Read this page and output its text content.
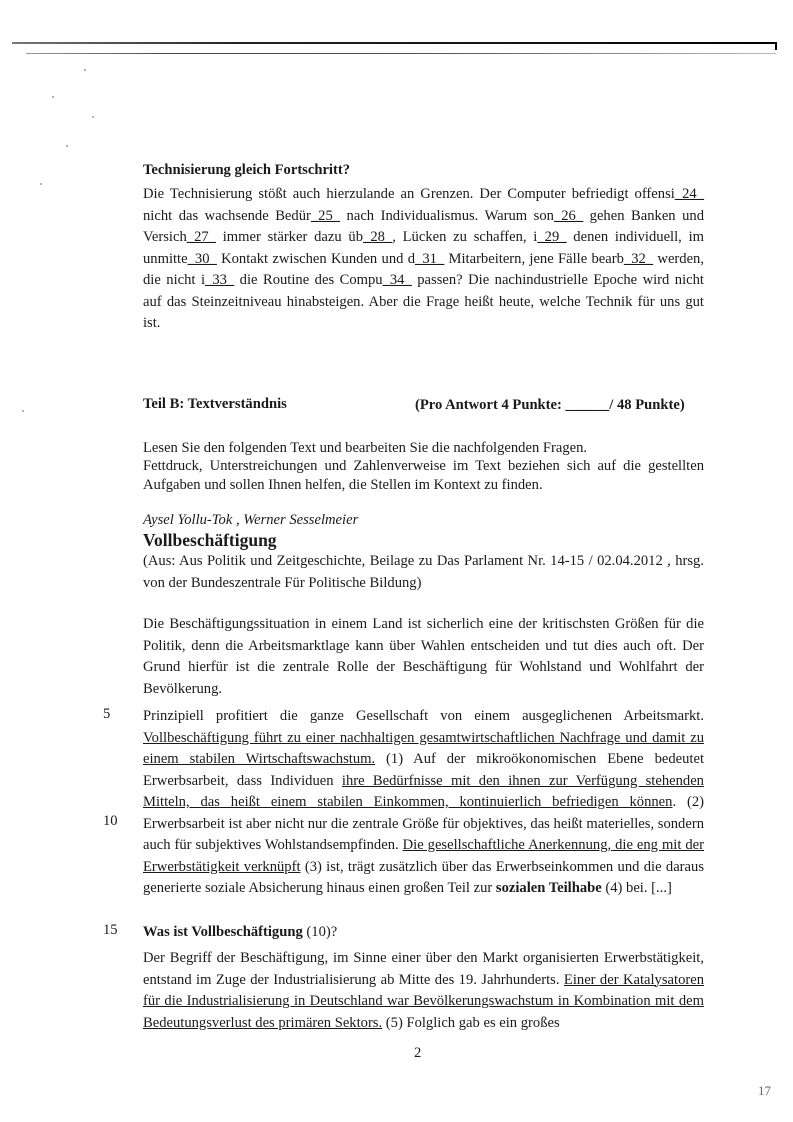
Technisierung gleich Fortschritt?
Die Technisierung stößt auch hierzulande an Grenzen. Der Computer befriedigt offensi_24_ nicht das wachsende Bedür_25_ nach Individualismus. Warum son_26_ gehen Banken und Versich_27_ immer stärker dazu üb_28_, Lücken zu schaffen, i_29_ denen individuell, im unmitte_30_ Kontakt zwischen Kunden und d_31_ Mitarbeitern, jene Fälle bearb_32_ werden, die nicht i_33_ die Routine des Compu_34_ passen? Die nachindustrielle Epoche wird nicht auf das Steinzeitniveau hinabsteigen. Aber die Frage heißt heute, welche Technik für uns gut ist.
Teil B: Textverständnis	(Pro Antwort 4 Punkte: ______/ 48 Punkte)
Lesen Sie den folgenden Text und bearbeiten Sie die nachfolgenden Fragen.
Fettdruck, Unterstreichungen und Zahlenverweise im Text beziehen sich auf die gestellten Aufgaben und sollen Ihnen helfen, die Stellen im Kontext zu finden.
Aysel Yollu-Tok , Werner Sesselmeier
Vollbeschäftigung
(Aus: Aus Politik und Zeitgeschichte, Beilage zu Das Parlament Nr. 14-15 / 02.04.2012 , hrsg. von der Bundeszentrale Für Politische Bildung)
Die Beschäftigungssituation in einem Land ist sicherlich eine der kritischsten Größen für die Politik, denn die Arbeitsmarktlage kann über Wahlen entscheiden und tut dies auch oft. Der Grund hierfür ist die zentrale Rolle der Beschäftigung für Wohlstand und Wohlfahrt der Bevölkerung.
5
10
15
Prinzipiell profitiert die ganze Gesellschaft von einem ausgeglichenen Arbeitsmarkt. Vollbeschäftigung führt zu einer nachhaltigen gesamtwirtschaftlichen Nachfrage und damit zu einem stabilen Wirtschaftswachstum. (1) Auf der mikroökonomischen Ebene bedeutet Erwerbsarbeit, dass Individuen ihre Bedürfnisse mit den ihnen zur Verfügung stehenden Mitteln, das heißt einem stabilen Einkommen, kontinuierlich befriedigen können. (2) Erwerbsarbeit ist aber nicht nur die zentrale Größe für objektives, das heißt materielles, sondern auch für subjektives Wohlstandsempfinden. Die gesellschaftliche Anerkennung, die eng mit der Erwerbstätigkeit verknüpft (3) ist, trägt zusätzlich über das Erwerbseinkommen und die daraus generierte soziale Absicherung hinaus einen großen Teil zur sozialen Teilhabe (4) bei. [...]
Was ist Vollbeschäftigung (10)?
Der Begriff der Beschäftigung, im Sinne einer über den Markt organisierten Erwerbstätigkeit, entstand im Zuge der Industrialisierung ab Mitte des 19. Jahrhunderts. Einer der Katalysatoren für die Industrialisierung in Deutschland war Bevölkerungswachstum in Kombination mit dem Bedeutungsverlust des primären Sektors. (5) Folglich gab es ein großes
2
17
